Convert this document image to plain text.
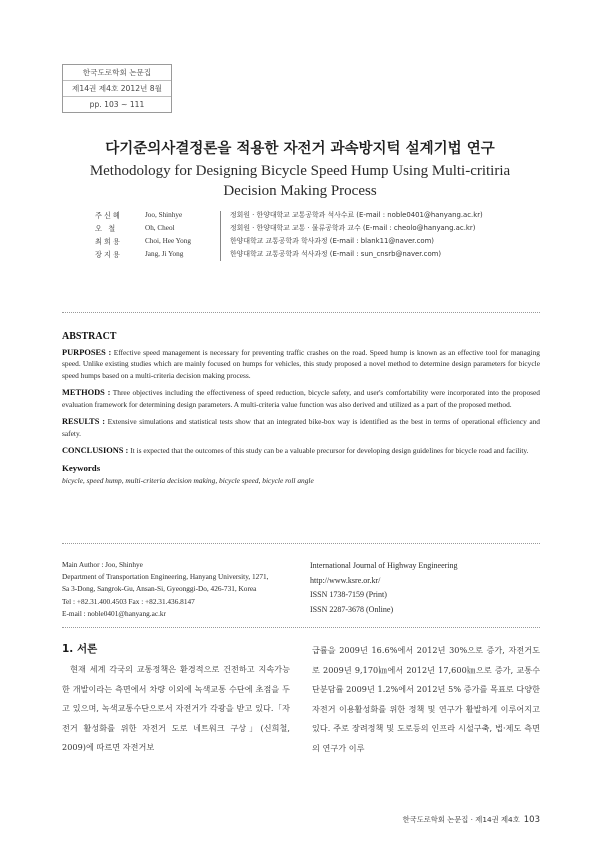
한국도로학회 논문집
제14권 제4호 2012년 8월
pp. 103 ~ 111
다기준의사결정론을 적용한 자전거 과속방지턱 설계기법 연구
Methodology for Designing Bicycle Speed Hump Using Multi-critiria
Decision Making Process
주신혜	Joo, Shinhye	정회원 · 한양대학교 교통공학과 석사수료 (E-mail : noble0401@hanyang.ac.kr)
오 철	Oh, Cheol	정회원 · 한양대학교 교통 · 물류공학과 교수 (E-mail : cheolo@hanyang.ac.kr)
최희용	Choi, Hee Yong	한양대학교 교통공학과 학사과정 (E-mail : blank11@naver.com)
장지용	Jang, Ji Yong	한양대학교 교통공학과 석사과정 (E-mail : sun_cnsrb@naver.com)
ABSTRACT

PURPOSES : Effective speed management is necessary for preventing traffic crashes on the road. Speed hump is known as an effective tool for managing speed. Unlike existing studies which are mainly focused on humps for vehicles, this study proposed a novel method to determine design parameters for bicycle speed humps based on a multi-criteria decision making process.

METHODS : Three objectives including the effectiveness of speed reduction, bicycle safety, and user's comfortability were incorporated into the proposed evaluation framework for determining design parameters. A multi-criteria value function was also derived and utilized as a part of the proposed method.

RESULTS : Extensive simulations and statistical tests show that an integrated bike-box way is identified as the best in terms of operational efficiency and safety.

CONCLUSIONS : It is expected that the outcomes of this study can be a valuable precursor for developing design guidelines for bicycle road and facility.

Keywords

bicycle, speed hump, multi-criteria decision making, bicycle speed, bicycle roll angle

Main Author : Joo, Shinhye
Department of Transportation Engineering, Hanyang University, 1271,
Sa 3-Dong, Sangrok-Gu, Ansan-Si, Gyeonggi-Do, 426-731, Korea
Tel : +82.31.400.4503 Fax : +82.31.436.8147
E-mail : noble0401@hanyang.ac.kr
International Journal of Highway Engineering
http://www.ksre.or.kr/
ISSN 1738-7159 (Print)
ISSN 2287-3678 (Online)
1. 서론

현재 세계 각국의 교통정책은 환경적으로 건전하고 지속가능한 개발이라는 측면에서 차량 이외에 녹색교통 수단에 초점을 두고 있으며, 녹색교통수단으로서 자전거가 각광을 받고 있다.「자전거 활성화를 위한 자전거 도로 네트워크 구상」(신희철, 2009)에 따르면 자전거보

급률을 2009년 16.6%에서 2012년 30%으로 증가, 자전거도로 2009년 9,170㎞에서 2012년 17,600㎞으로 증가, 교통수단분담률 2009년 1.2%에서 2012년 5% 증가를 목표로 다양한 자전거 이용활성화를 위한 정책 및 연구가 활발하게 이루어지고 있다. 주로 장려정책 및 도로등의 인프라 시설구축, 법·제도 측면의 연구가 이루

한국도로학회 논문집 · 제14권 제4호 103
